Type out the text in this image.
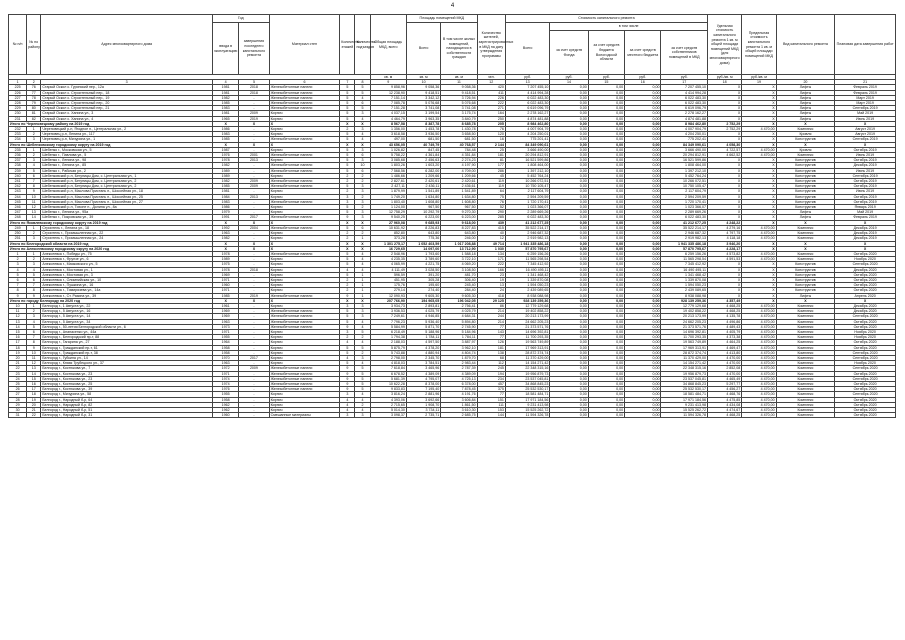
4
№ п/п	№ по району	Адрес многоквартирного дома	Год		Материал стен	Количество этажей	Количество подъездов	Общая площадь МКД, всего	Площадь помещений МКД		Количество жителей, зарегистрированных в МКД на дату утверждения программы	Стоимость капитального ремонта					Удельная стоимость капитального ремонта 1 кв. м общей площади помещений МКД (для многоквартирного дома)	Предельная стоимость капитального ремонта 1 кв. м общей площади помещений МКД	Вид капитального ремонта	Плановая дата завершения работ
			ввода в эксплуатацию	завершения последнего капитального ремонта					Всего	В том числе жилых помещений, находящихся в собственности граждан		Всего	в том числе							
													за счет средств Фонда	за счет средств бюджета Вологодской области	за счет средств местного бюджета	за счет средств собственников помещений в МКД				
								кв. м	кв. м	кв. м	чел.	руб.	руб.	руб.	руб.	руб.	руб./кв. м	руб./кв. м		
1	2	3	4	5	6	7	8	9	10	11	12	13	14	15	16	17	18	19	20	21
225	76	Старый Оскол с. Гуринский пер., 12а	1981	2018	Железобетонные панели	5	5	9 858,96	9 058,36	9 058,36	420	7 207 455,10	0,00	0,00	0,00	7 207 455,10	X	X	Лифты	Февраль 2019
226	77	Старый Оскол с. Строительный пер., 18	1981	2018	Железобетонные панели	5	5	12 238,90	9 418,51	9 418,51	411	4 414 994,28	0,00	0,00	0,00	4 414 994,28	X	X	Лифты	Февраль 2019
227	78	Старый Оскол с. Строительный пер., 19	1982	-	Железобетонные панели	5	4	7 151,14	3 342,12	3 726,94	226	6 022 483,30	0,00	0,00	0,00	6 022 483,30	X	X	Лифты	Март 2019
228	79	Старый Оскол с. Строительный пер., 20	1985	-	Железобетонные панели	5	6	7 085,78	5 076,68	5 076,68	222	6 022 483,30	0,00	0,00	0,00	6 022 483,30	X	X	Лифты	Март 2019
229	80	Старый Оскол с. Строительный пер., 21	1983	-	Железобетонные панели	5	5	7 151,28	3 741,08	3 741,08	271	6 619 096,79	0,00	0,00	0,00	6 619 096,79	X	X	Лифты	Сентябрь 2019
230	81	Старый Оскол с. Ханина ул., 3	1981	2009	Кирпич	5	3	4 037,15	3 199,54	3 175,74	164	2 278 162,27	0,00	0,00	0,00	2 278 162,27	X	X	Лифты	Май 2019
231	82	Старый Оскол с. Ханина ул., 4	1965	2019	Кирпич	5	4	4 464,79	3 963,35	3 840,79	250	4 874 481,88	0,00	0,00	0,00	4 874 481,88	X	X	Лифты	Июнь 2019
Итого по Череповецкому району на 2019 год			X	X	X	X	X	8 567,58	8 387,78	8 685,78	205	8 984 462,80	0,00	0,00	0,00	8 984 462,80	2 752,29	X	X	X
232	1	Череповецкий р-н, Ягодное п., Центральная ул., 2	1986	-	Кирпич	2	3	1 356,00	1 453,78	1 430,78	76	4 007 904,79	0,00	0,00	0,00	4 007 904,79	2 752,29	4 470,00	Комплекс	Август 2019
233	2	Череповец р-н, Ленина ул., 117	1983	-	Кирпич	5	4	3 618,58	3 936,50	3 658,50	120	4 204 250,01	0,00	0,00	0,00	4 204 250,01	X	X	Кровля	Август 2019
234	3	Череповец р-н, Мичурина ул., 1	1985	-	Железобетонные панели	5	4	497,00	681,50	681,50	16	775 201,41	0,00	0,00	0,00	775 202,41	X	X	Конструктив	Сентябрь 2019
Итого по Шебенковскому городскому округу на 2019 год			X	X	X	X	X	43 656,05	40 749,79	40 768,57	2 144	84 349 090,61	0,00	0,00	0,00	84 349 090,61	4 058,30	X	X	X
235	1	Шебенко г., Московская ул., 5	1987	-	Кирпич	5	3	1 026,82	847,45	784,48	25	3 666 490,00	0,00	0,00	0,00	3 666 490,00	4 722,57	4 470,00	Кровля	Октябрь 2019
236	2	Шебенко г., Павлова ул., 5	1976	2001	Железобетонные панели	5	6	5 758,22	4 361,84	4 351,84	181	20 294 812,91	0,00	0,00	0,00	20 294 812,91	4 662,52	4 470,00	Комплекс	Июнь 2019
237	3	Шебенко г., Ленина ул., 98	1978	2013	Кирпич	5	3	3 085,68	2 456,63	2 274,23	81	16 521 599,86	0,00	0,00	0,00	16 521 599,86	X	X	Конструктив	Октябрь 2019
238	4	Шебенко г., Ленина ул., 85	1982	-	Железобетонные панели	5	10	1 803,26	1 603,20	4 197,90	177	1 808 464,00	0,00	0,00	0,00	1 808 464,00	X	X	Конструктив	Декабрь 2019
239	5	Шебенко г., Рабочая ул., 2	1989	-	Железобетонные панели	5	6	7 568,56	6 282,00	4 709,00	286	1 397 212,10	0,00	0,00	0,00	1 397 212,10	X	X	Конструктив	Июнь 2019
240	6	Шебенковский р-н, Бегуницы Дом, с. Центральная ул., 1	1989	-	Кирпич	2	2	1 486,66	1 209,66	1 209,66	45	5 452 764,24	0,00	0,00	0,00	5 452 764,24	X	X	Конструктив	Сентябрь 2019
241	7	Шебенковский р-н, Бегуницы Дом, с. Центральная ул., 2	1982	2009	Железобетонные панели	2	2	2 827,61	2 420,61	2 420,61	119	10 266 072,51	0,00	0,00	0,00	10 266 072,51	X	X	Конструктив	Октябрь 2019
242	8	Шебенковский р-н, Бегуницы Дом, с. Центральная ул., 2	1985	2009	Железобетонные панели	5	3	2 427,11	2 436,11	2 436,61	119	10 750 105,47	0,00	0,00	0,00	10 750 105,47	X	X	Конструктив	Октябрь 2019
243	9	Шебенковский р-н, Маслова Пристань п., Шоссейная ул., 18	1981	-	Кирпич	2	3	1 879,99	1 541,89	1 541,89	64	2 117 604,79	0,00	0,00	0,00	2 117 604,79	X	X	Конструктив	Июнь 2019
244	10	Шебенковский р-н, Маслова Пристань п., Шоссейная ул., 25	1984	2013	Кирпич	3	2	1 749,20	1 634,80	1 634,80	75	2 594 209,59	0,00	0,00	0,00	2 594 209,59	X	X	Конструктив	Октябрь 2019
245	11	Шебенковский р-н, Маслова Пристань п., Шоссейная ул., 27	1983	-	Железобетонные панели	3	3	1 803,40	1 608,80	1 608,80	76	1 720 170,41	0,00	0,00	0,00	1 720 170,41	X	X	Конструктив	Октябрь 2019
246	12	Шебенковский р-н, Тихоне п., Долина ул., 8а	1986	-	Кирпич	5	2	1 124,00	967,50	967,50	52	1 023 366,07	0,00	0,00	0,00	1 023 366,07	X	X	Конструктив	Январь 2019
247	13	Шебенко г., Ленина ул., 95а	1979	-	Кирпич	5	3	12 758,29	10 292,79	9 270,30	290	2 289 669,26	0,00	0,00	0,00	2 289 669,26	X	X	Лифты	Май 2019
248	14	Шебенко г., Покровская ул., 39	1991	2017	Железобетонные панели	9	3	9 540,25	6 223,00	6 223,00	285	6 022 483,30	0,00	0,00	0,00	6 022 483,30	X	X	Лифты	Февраль 2019
Итого по Яковлевскому городскому округу на 2019 год			X	X	X	X	X	27 960,08	9 685,93	9 618,00	439	41 212 677,25	0,00	0,00	0,00	41 212 677,25	4 248,22	X	X	X
249	1	Строитель г., Ленина ул., 18	1992	2004	Железобетонные панели	5	6	10 631,92	8 226,83	8 227,83	415	35 522 214,17	0,00	0,00	0,00	35 522 214,17	4 279,16	4 470,00	Комплекс	Декабрь 2019
250	2	Строитель г., Промышленная ул., 22	1963	-	Кирпич	2	2	852,80	643,80	643,80	40	2 946 687,32	0,00	0,00	0,00	2 946 687,32	4 797,75	4 470,00	Комплекс	Декабрь 2019
251	3	Строитель г., Промышленная ул., 24	1982	-	Кирпич	2	1	373,28	775,36	246,00	12	2 919 982,13	0,00	0,00	0,00	2 919 982,13	4 118,18	4 470,00	Комплекс	Декабрь 2019
Итого по Белгородской области на 2019 год			X	X	X	X	X	1 301 275,17	1 052 403,59	1 017 208,88	49 714	1 941 335 486,18	0,00	0,00	0,00	1 941 335 486,18	3 946,20	X	X	X
Итого по Алексеевскому городскому округу на 2020 год			X	X	X	X	X	16 729,65	14 097,00	13 712,90	1 030	57 870 795,67	0,00	0,00	0,00	57 870 795,67	4 228,17	X	X	X
1	1	Алексеевка г., Победы ул., 75	1978	-	Железобетонные панели	5	4	2 548,96	1 793,60	1 588,18	134	6 259 156,26	0,00	0,00	0,00	6 259 156,26	4 573,82	4 470,00	Комплекс	Октябрь 2020
2	2	Алексеевка г., Фрунзе ул., 6	1989	-	Кирпич	5	4	4 235,35	3 789,60	3 722,10	171	11 565 298,54	0,00	0,00	0,00	11 565 298,54	4 591,53	4 470,00	Комплекс	Ноябрь 2020
3	3	Алексеевка г., Маяковского ул., 5	1975	-	Кирпич	5	4	4 065,99	4 221,75	4 069,20	222	7 345 412,92	0,00	0,00	0,00	7 345 412,92	X	X	Конструктив	Сентябрь 2020
4	4	Алексеевка г., Мостовая ул., 1	1978	2018	Кирпич	4	4	4 111,49	3 028,50	3 108,50	166	16 490 495,11	0,00	0,00	0,00	16 490 495,11	X	X	Конструктив	Декабрь 2020
5	5	Алексеевка г., Мостовая ул., 3	1969	-	Кирпич	5	1	596,59	391,20	481,70	23	1 341 468,42	0,00	0,00	0,00	1 341 468,42	X	X	Конструктив	Октябрь 2020
6	6	Алексеевка г., Олимпийская ул., 10	1971	-	Кирпич	2	1	451,95	305,28	306,40	19	1 339 870,08	0,00	0,00	0,00	1 339 870,08	X	X	Конструктив	Октябрь 2020
7	7	Алексеевка г., Пушкина ул., 16	1960	-	Кирпич	2	1	175,76	195,60	245,40	13	1 594 050,23	0,00	0,00	0,00	1 594 050,23	X	X	Конструктив	Октябрь 2020
8	8	Алексеевка г., Тимирязева ул., 14а	1971	-	Кирпич	2	1	279,14	274,40	284,40	24	2 439 089,65	0,00	0,00	0,00	2 439 089,65	X	X	Конструктив	Октябрь 2020
9	9	Алексеевка г., Ст. Разина ул., 39	1985	2019	Железобетонные панели	9	1	12 090,93	9 605,30	9 605,30	418	8 938 088,98	0,00	0,00	0,00	8 938 088,98	X	X	Лифты	Апрель 2020
Итого по городу Белгороду на 2020 год			X	X	X	X	X	207 766,90	194 965,05	196 042,05	29 125	928 139 259,36	0,00	0,00	0,00	928 139 259,36	4 357,49	X	X	X
10	1	Белгород г., 1 Августа ул., 22	1961	-	Кирпич	3	3	3 934,73	2 893,81	2 756,41	86	12 779 129,68	0,00	0,00	0,00	12 779 129,68	4 468,25	4 470,00	Комплекс	Декабрь 2020
11	2	Белгород г., 5 Августа ул., 16	1969	-	Железобетонные панели	5	3	3 936,53	4 025,79	4 025,79	214	19 402 858,22	0,00	0,00	0,00	19 402 858,22	4 468,25	4 470,00	Комплекс	Декабрь 2020
12	3	Белгород г., 5 Августа ул., 14	1969	-	Железобетонные панели	5	3	7 249,61	4 946,85	4 684,31	244	20 213 173,99	0,00	0,00	0,00	20 213 173,99	4 135,78	4 470,00	Комплекс	Сентябрь 2020
13	4	Белгород г., 5 Августа ул., 34	1963	-	Железобетонные панели	5	4	7 796,23	5 936,40	5 894,80	214	24 662 205,23	0,00	0,00	0,00	24 662 205,23	4 496,86	4 470,00	Комплекс	Октябрь 2020
14	5	Белгород г., 50-летия Белгородской области ул., 6	1973	-	Железобетонные панели	9	4	5 584,99	5 871,70	2 745,90	77	21 373 571,76	0,00	0,00	0,00	21 373 571,76	4 489,43	4 470,00	Комплекс	Октябрь 2020
15	6	Белгород г., Апанасенко ул., 44а	1971	-	Кирпич	3	5	6 218,49	5 188,96	5 184,96	143	14 696 392,81	0,00	0,00	0,00	14 696 392,81	4 405,79	4 470,00	Комплекс	Ноябрь 2020
16	7	Белгород г., Белгородский пр-т, 88	1955	-	Кирпич	2	2	1 794,38	1 784,11	1 784,11	77	11 700 293,35	0,00	0,00	0,00	11 700 293,35	4 373,38	4 470,00	Комплекс	Ноябрь 2020
17	8	Белгород г., Гагарина ул., 27	1964	-	Кирпич	4	4	2 188,03	4 597,50	3 887,97	126	19 563 749,89	0,00	0,00	0,00	19 563 749,89	4 464,25	4 470,00	Комплекс	Октябрь 2020
18	9	Белгород г., Гражданский пр-т, 61	1958	-	Кирпич	5	5	5 875,79	4 378,20	3 962,10	181	17 969 313,91	0,00	0,00	0,00	17 969 313,91	4 469,47	4 470,00	Комплекс	Октябрь 2020
19	10	Белгород г., Гражданский пр-т, 38	1958	-	Кирпич	5	2	5 743,88	4 880,94	4 804,74	138	28 872 374,74	0,00	0,00	0,00	28 872 374,74	4 413,80	4 470,00	Комплекс	Сентябрь 2020
20	11	Белгород г., Губкина ул., 14	1970	2017	Кирпич	4	3	2 798,00	2 345,70	1 879,70	68	11 370 429,00	0,00	0,00	0,00	11 370 429,00	4 470,00	4 470,00	Комплекс	Сентябрь 2020
21	12	Белгород г., Князя Трубецкого ул., 37	1963	-	Кирпич	5	4	4 818,03	3 784,51	2 983,44	112	14 154 271,42	0,00	0,00	0,00	14 154 271,42	4 470,00	4 470,00	Комплекс	Ноябрь 2020
22	13	Белгород г., Костюкова ул., 7	1972	2009	Железобетонные панели	9	5	7 618,84	3 465,96	2 787,39	245	22 348 315,16	0,00	0,00	0,00	22 348 315,16	2 852,08	4 470,00	Комплекс	Сентябрь 2020
23	14	Белгород г., Костюкова ул., 23	1971	-	Железобетонные панели	9	5	6 678,52	4 389,09	4 389,09	194	19 956 879,73	0,00	0,00	0,00	19 956 879,73	4 470,00	4 470,00	Комплекс	Октябрь 2020
24	15	Белгород г., Костюкова ул., 23	1974	-	Железобетонные панели	9	5	5 681,39	4 795,07	4 725,13	234	23 537 045,81	0,00	0,00	0,00	23 537 045,81	4 465,49	4 470,00	Комплекс	Сентябрь 2020
25	16	Белгород г., Костюкова ул., 25	1974	-	Железобетонные панели	9	5	10 622,28	8 378,00	6 378,00	457	34 868 845,23	0,00	0,00	0,00	34 868 845,23	5 297,77	4 470,00	Комплекс	Октябрь 2020
26	17	Белгород г., Костюкова ул., 39	1976	-	Железобетонные панели	9	5	9 833,83	7 195,40	7 878,45	375	25 532 530,17	0,00	0,00	0,00	25 532 530,17	4 456,27	4 470,00	Комплекс	Октябрь 2020
27	18	Белгород г., Мичурина ул., 58	1955	-	Кирпич	3	4	3 816,24	2 881,96	4 191,76	77	18 581 484,71	0,00	0,00	0,00	18 581 484,71	4 468,76	4 470,00	Комплекс	Сентябрь 2020
28	19	Белгород г., Народный б-р, 64	1958	-	Кирпич	4	4	4 393,06	3 692,66	3 606,84	151	17 971 184,56	0,00	0,00	0,00	17 971 184,56	4 475,85	4 470,00	Комплекс	Октябрь 2020
29	20	Белгород г., Народный б-р, 82	1962	-	Кирпич	4	2	2 715,65	1 908,70	1 861,50	111	9 231 413,98	0,00	0,00	0,00	9 231 413,98	4 434,08	4 470,00	Комплекс	Октябрь 2020
30	21	Белгород г., Народный б-р, 51	1962	-	Кирпич	4	4	5 014,30	3 734,11	3 610,30	153	15 525 262,72	0,00	0,00	0,00	15 525 262,72	4 474,67	4 470,00	Комплекс	Октябрь 2020
31	22	Белгород г., Народный б-р, 31	1960	-	Смешанные материалы	3	3	3 098,37	2 735,71	2 685,75	144	11 594 326,78	0,00	0,00	0,00	11 594 326,78	4 468,25	4 470,00	Комплекс	Октябрь 2020
